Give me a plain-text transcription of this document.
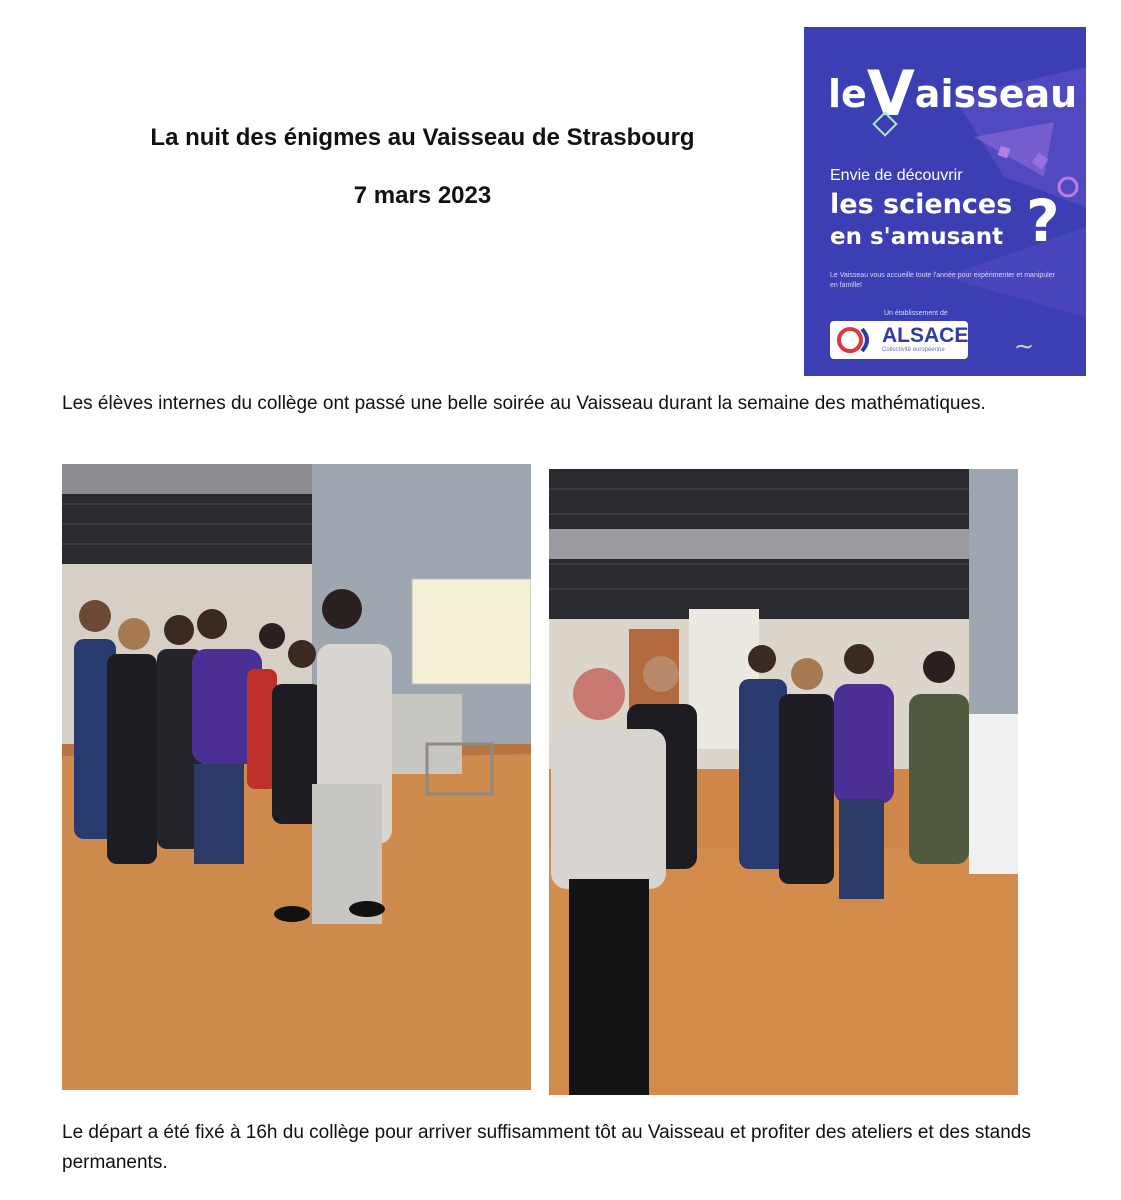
La nuit des énigmes au Vaisseau de Strasbourg
7 mars 2023
leVaisseau
Envie de découvrir
les sciences
en s'amusant ?
Le Vaisseau vous accueille toute l'année pour expérimenter et manipuler en famille!
Un établissement de
ALSACE
Collectivité européenne	∼
Les élèves internes du collège ont passé une belle soirée au Vaisseau durant la semaine des mathématiques.
Le départ a été fixé à 16h du collège pour arriver suffisamment tôt au Vaisseau et profiter des ateliers et des stands permanents.
